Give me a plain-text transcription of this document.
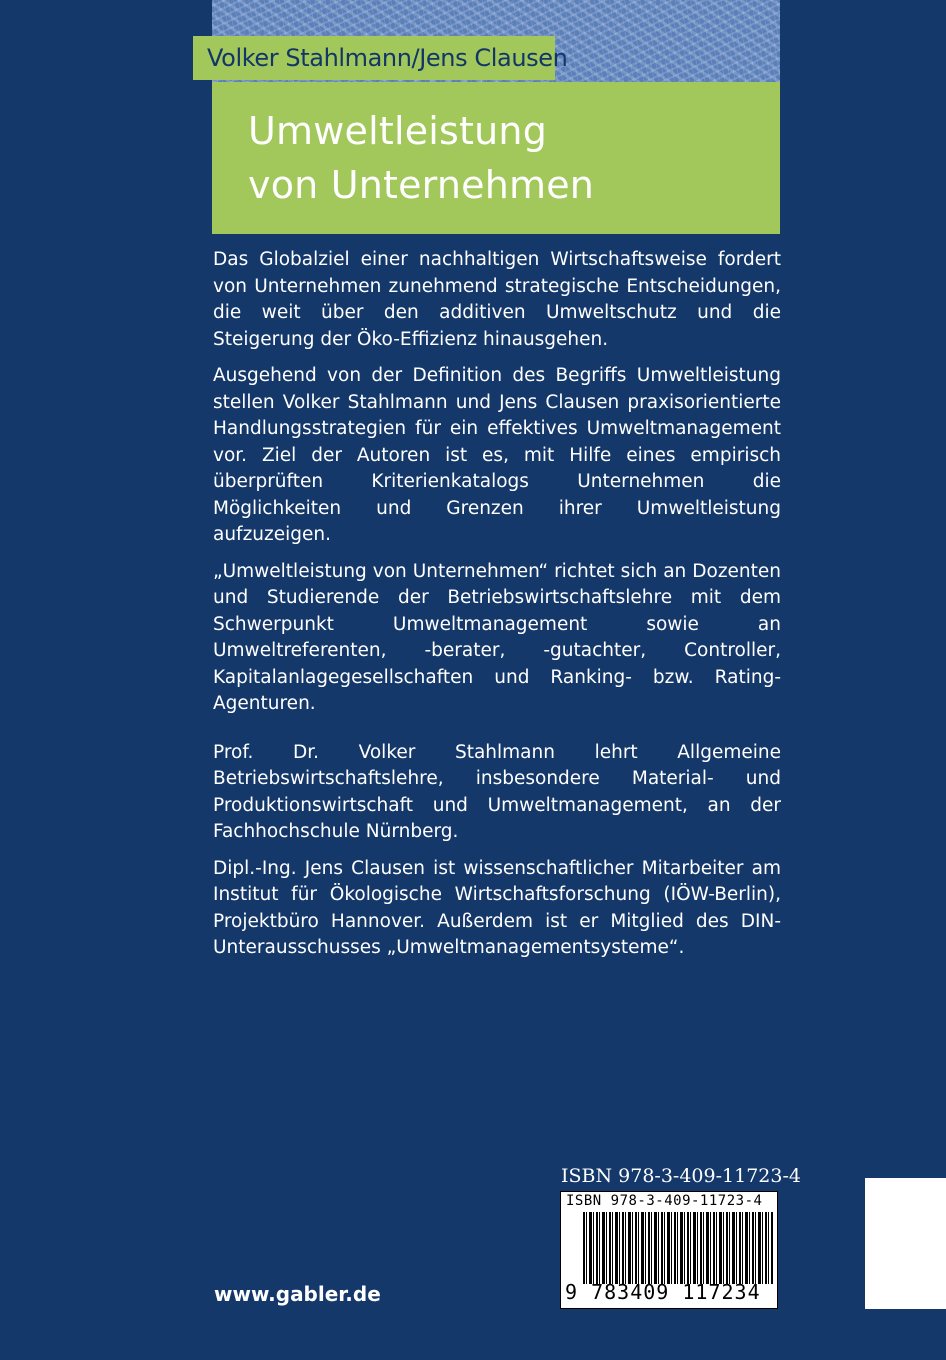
Umweltleistung
von Unternehmen
Volker Stahlmann/Jens Clausen

Das Globalziel einer nachhaltigen Wirtschaftsweise fordert von Unternehmen zunehmend strategische Entscheidungen, die weit über den additiven Umweltschutz und die Steigerung der Öko-Effizienz hinausgehen.

Ausgehend von der Definition des Begriffs Umweltleistung stellen Volker Stahlmann und Jens Clausen praxisorientierte Handlungsstrategien für ein effektives Umweltmanagement vor. Ziel der Autoren ist es, mit Hilfe eines empirisch überprüften Kriterienkatalogs Unternehmen die Möglichkeiten und Grenzen ihrer Umweltleistung aufzuzeigen.

„Umweltleistung von Unternehmen“ richtet sich an Dozenten und Studierende der Betriebswirtschaftslehre mit dem Schwerpunkt Umweltmanagement sowie an Umweltreferenten, -berater, -gutachter, Controller, Kapitalanlagegesellschaften und Ranking- bzw. Rating-Agenturen.

Prof. Dr. Volker Stahlmann lehrt Allgemeine Betriebswirtschaftslehre, insbesondere Material- und Produktionswirtschaft und Umweltmanagement, an der Fachhochschule Nürnberg.

Dipl.-Ing. Jens Clausen ist wissenschaftlicher Mitarbeiter am Institut für Ökologische Wirtschaftsforschung (IÖW-Berlin), Projektbüro Hannover. Außerdem ist er Mitglied des DIN-Unterausschusses „Umweltmanagementsysteme“.

ISBN 978-3-409-11723-4
ISBN 978-3-409-11723-4
9 783409 117234
www.gabler.de
